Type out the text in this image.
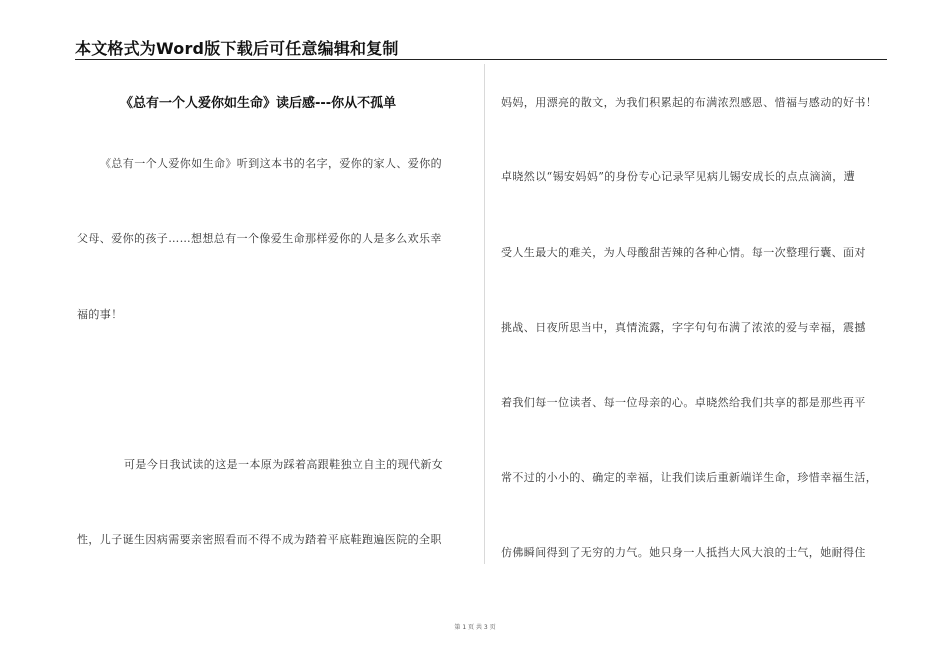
本文格式为Word版下载后可任意编辑和复制
《总有一个人爱你如生命》读后感---你从不孤单
《总有一个人爱你如生命》听到这本书的名字，爱你的家人、爱你的
父母、爱你的孩子……想想总有一个像爱生命那样爱你的人是多么欢乐幸
福的事！
可是今日我试读的这是一本原为踩着高跟鞋独立自主的现代新女
性，儿子诞生因病需要亲密照看而不得不成为踏着平底鞋跑遍医院的全职
妈妈，用漂亮的散文，为我们积累起的布满浓烈感恩、惜福与感动的好书！
卓晓然以“锡安妈妈”的身份专心记录罕见病儿锡安成长的点点滴滴，遭
受人生最大的难关，为人母酸甜苦辣的各种心情。每一次整理行囊、面对
挑战、日夜所思当中，真情流露，字字句句布满了浓浓的爱与幸福，震撼
着我们每一位读者、每一位母亲的心。卓晓然给我们共享的都是那些再平
常不过的小小的、确定的幸福，让我们读后重新端详生命，珍惜幸福生活，
仿佛瞬间得到了无穷的力气。她只身一人抵挡大风大浪的士气，她耐得住
第 1 页 共 3 页
